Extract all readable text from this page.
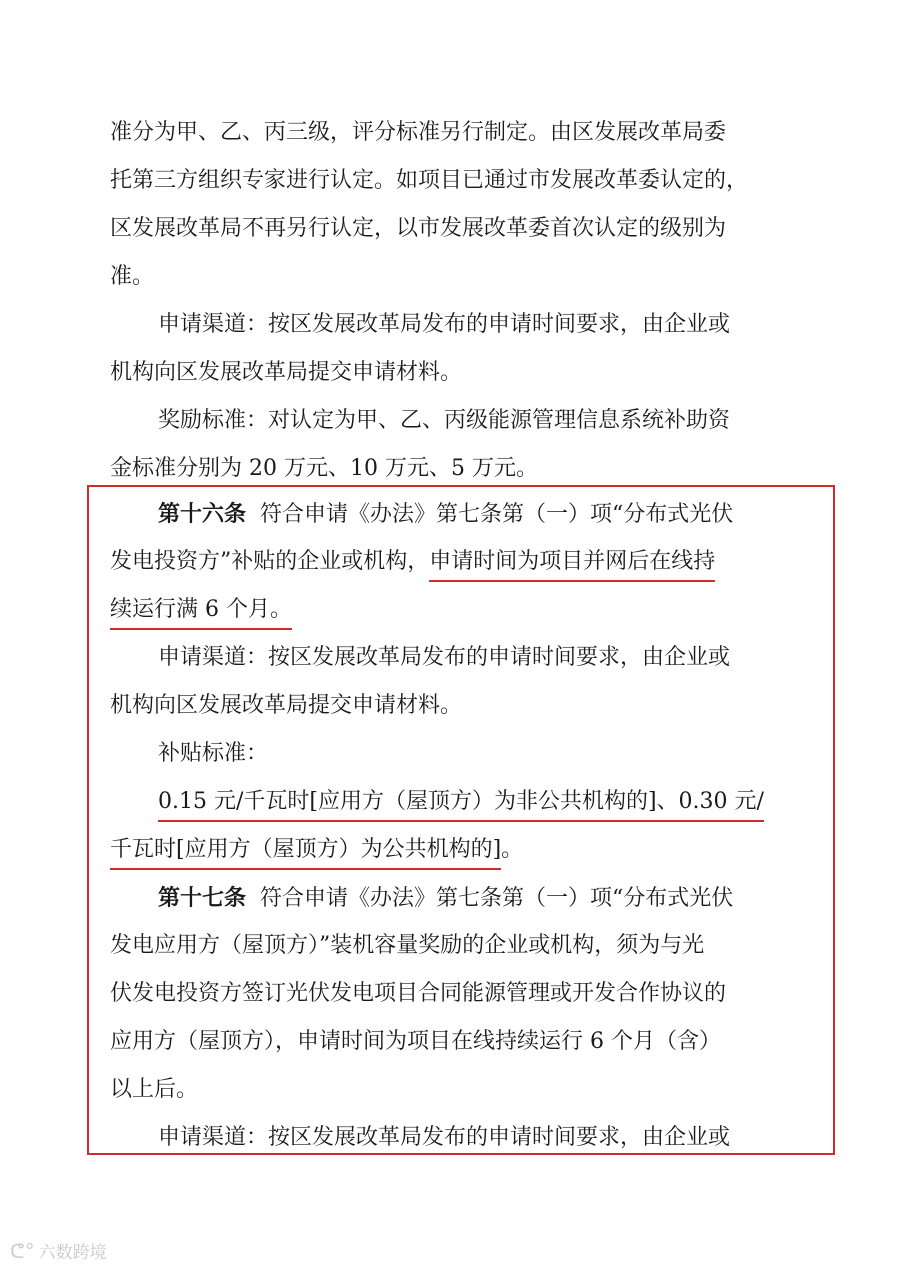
准分为甲、乙、丙三级，评分标准另行制定。由区发展改革局委
托第三方组织专家进行认定。如项目已通过市发展改革委认定的，
区发展改革局不再另行认定，以市发展改革委首次认定的级别为
准。
申请渠道：按区发展改革局发布的申请时间要求，由企业或
机构向区发展改革局提交申请材料。
奖励标准：对认定为甲、乙、丙级能源管理信息系统补助资
金标准分别为 20 万元、10 万元、5 万元。
第十六条 符合申请《办法》第七条第（一）项“分布式光伏
发电投资方”补贴的企业或机构，申请时间为项目并网后在线持
续运行满 6 个月。
申请渠道：按区发展改革局发布的申请时间要求，由企业或
机构向区发展改革局提交申请材料。
补贴标准：
0.15 元/千瓦时[应用方（屋顶方）为非公共机构的]、0.30 元/
千瓦时[应用方（屋顶方）为公共机构的]。
第十七条 符合申请《办法》第七条第（一）项“分布式光伏
发电应用方（屋顶方）”装机容量奖励的企业或机构，须为与光
伏发电投资方签订光伏发电项目合同能源管理或开发合作协议的
应用方（屋顶方），申请时间为项目在线持续运行 6 个月（含）
以上后。
申请渠道：按区发展改革局发布的申请时间要求，由企业或
ᕦ° 六数跨境
